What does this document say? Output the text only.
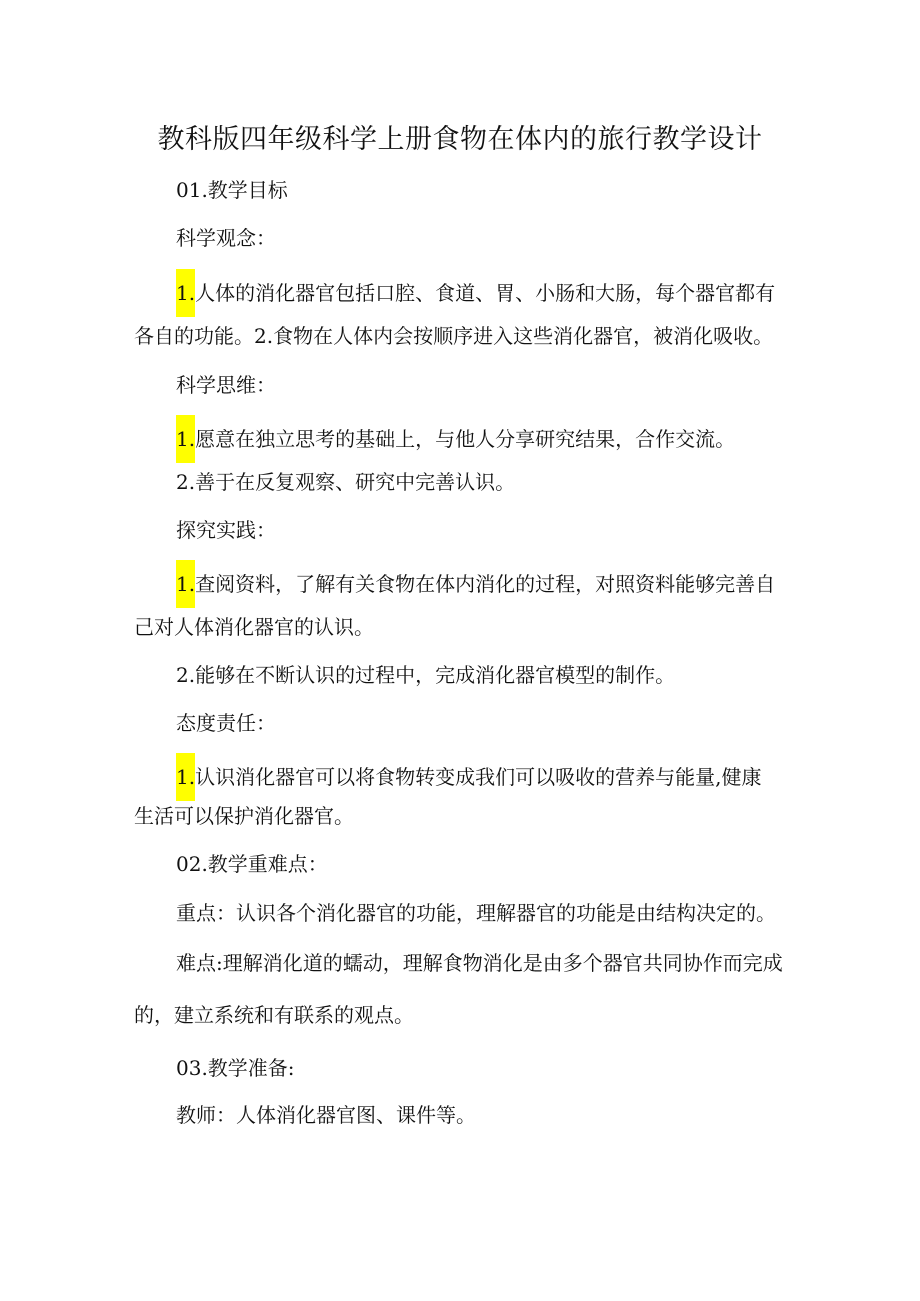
教科版四年级科学上册食物在体内的旅行教学设计

01.教学目标

科学观念：

1.人体的消化器官包括口腔、食道、胃、小肠和大肠，每个器官都有

各自的功能。2.食物在人体内会按顺序进入这些消化器官，被消化吸收。

科学思维：

1.愿意在独立思考的基础上，与他人分享研究结果，合作交流。

2.善于在反复观察、研究中完善认识。

探究实践：

1.查阅资料，了解有关食物在体内消化的过程，对照资料能够完善自

己对人体消化器官的认识。

2.能够在不断认识的过程中，完成消化器官模型的制作。

态度责任：

1.认识消化器官可以将食物转变成我们可以吸收的营养与能量,健康

生活可以保护消化器官。

02.教学重难点：

重点：认识各个消化器官的功能，理解器官的功能是由结构决定的。

难点:理解消化道的蠕动，理解食物消化是由多个器官共同协作而完成

的，建立系统和有联系的观点。

03.教学准备:

教师：人体消化器官图、课件等。
